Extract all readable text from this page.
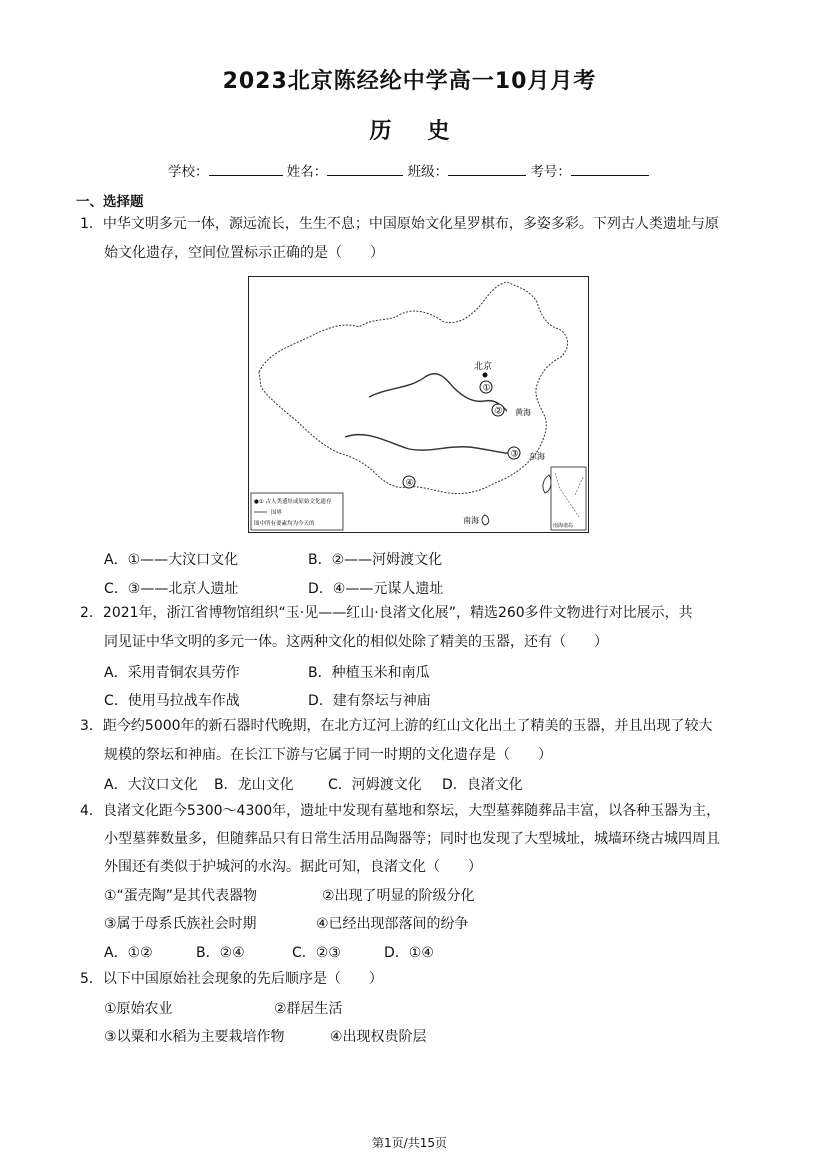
2023北京陈经纶中学高一10月月考
历史
学校：	姓名：	班级：	考号：
一、选择题
1．中华文明多元一体，源远流长，生生不息；中国原始文化星罗棋布，多姿多彩。下列古人类遗址与原
始文化遗存，空间位置标示正确的是（　　）
北京
①
②
③
④
黄海
东海
南海
●① 古人类遗址或原始文化遗存
国界
图中所有要素均为今天的	南海诸岛
A．①——大汶口文化	B．②——河姆渡文化
C．③——北京人遗址	D．④——元谋人遗址
2．2021年，浙江省博物馆组织“玉·见——红山·良渚文化展”，精选260多件文物进行对比展示，共
同见证中华文明的多元一体。这两种文化的相似处除了精美的玉器，还有（　　）
A．采用青铜农具劳作	B．种植玉米和南瓜
C．使用马拉战车作战	D．建有祭坛与神庙
3．距今约5000年的新石器时代晚期，在北方辽河上游的红山文化出土了精美的玉器，并且出现了较大
规模的祭坛和神庙。在长江下游与它属于同一时期的文化遗存是（　　）
A．大汶口文化 B．龙山文化 C．河姆渡文化 D．良渚文化
4．良渚文化距今5300～4300年，遗址中发现有墓地和祭坛，大型墓葬随葬品丰富，以各种玉器为主，
小型墓葬数量多，但随葬品只有日常生活用品陶器等；同时也发现了大型城址，城墙环绕古城四周且
外围还有类似于护城河的水沟。据此可知，良渚文化（　　）
①“蛋壳陶”是其代表器物	②出现了明显的阶级分化
③属于母系氏族社会时期	④已经出现部落间的纷争
A．①②	B．②④	C．②③	D．①④
5．以下中国原始社会现象的先后顺序是（　　）
①原始农业	②群居生活
③以粟和水稻为主要栽培作物	④出现权贵阶层
第1页/共15页
